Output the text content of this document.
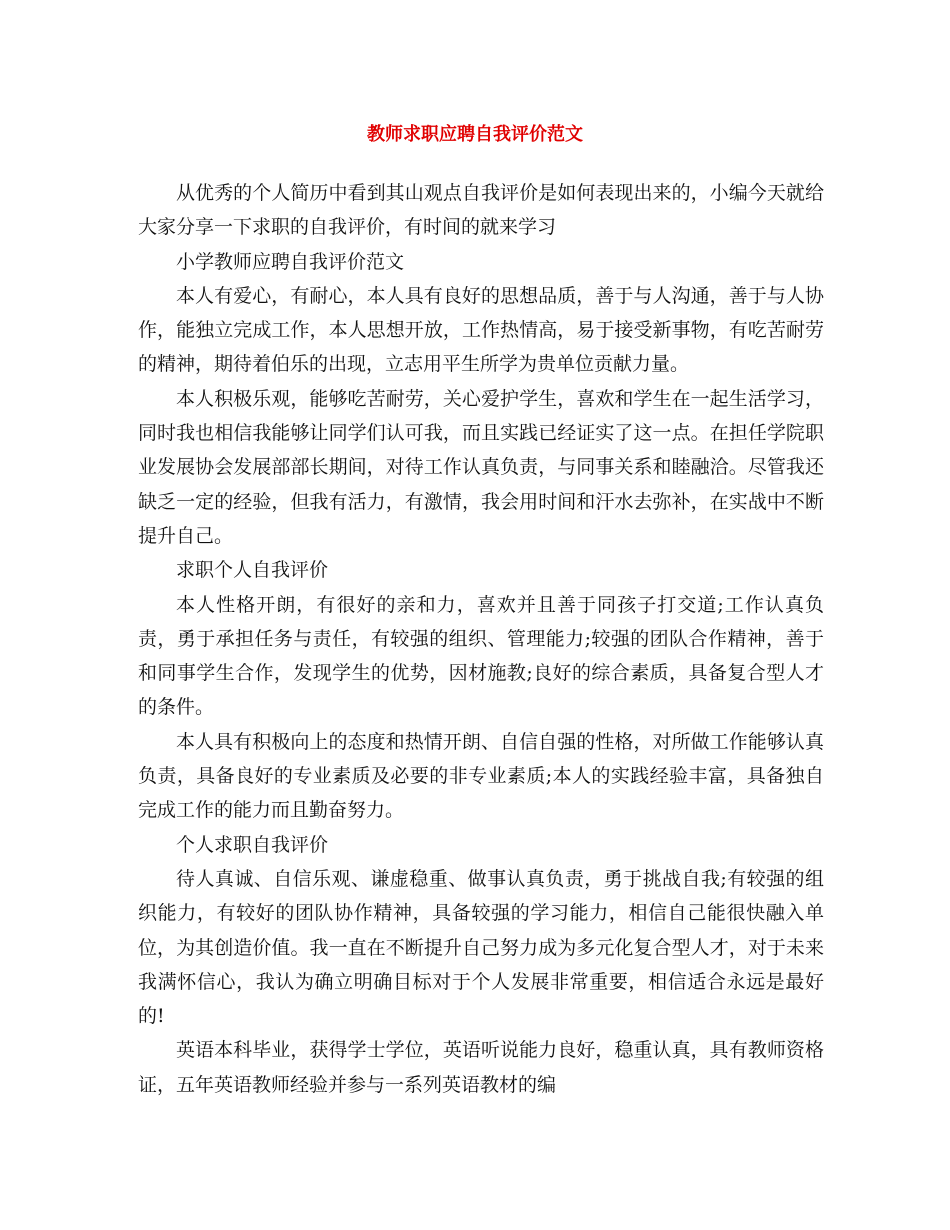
教师求职应聘自我评价范文

从优秀的个人简历中看到其山观点自我评价是如何表现出来的，小编今天就给大家分享一下求职的自我评价，有时间的就来学习

小学教师应聘自我评价范文

本人有爱心，有耐心，本人具有良好的思想品质，善于与人沟通，善于与人协作，能独立完成工作，本人思想开放，工作热情高，易于接受新事物，有吃苦耐劳的精神，期待着伯乐的出现，立志用平生所学为贵单位贡献力量。

本人积极乐观，能够吃苦耐劳，关心爱护学生，喜欢和学生在一起生活学习，同时我也相信我能够让同学们认可我，而且实践已经证实了这一点。在担任学院职业发展协会发展部部长期间，对待工作认真负责，与同事关系和睦融洽。尽管我还缺乏一定的经验，但我有活力，有激情，我会用时间和汗水去弥补，在实战中不断提升自己。

求职个人自我评价

本人性格开朗，有很好的亲和力，喜欢并且善于同孩子打交道;工作认真负责，勇于承担任务与责任，有较强的组织、管理能力;较强的团队合作精神，善于和同事学生合作，发现学生的优势，因材施教;良好的综合素质，具备复合型人才的条件。

本人具有积极向上的态度和热情开朗、自信自强的性格，对所做工作能够认真负责，具备良好的专业素质及必要的非专业素质;本人的实践经验丰富，具备独自完成工作的能力而且勤奋努力。

个人求职自我评价

待人真诚、自信乐观、谦虚稳重、做事认真负责，勇于挑战自我;有较强的组织能力，有较好的团队协作精神，具备较强的学习能力，相信自己能很快融入单位，为其创造价值。我一直在不断提升自己努力成为多元化复合型人才，对于未来我满怀信心，我认为确立明确目标对于个人发展非常重要，相信适合永远是最好的!

英语本科毕业，获得学士学位，英语听说能力良好，稳重认真，具有教师资格证，五年英语教师经验并参与一系列英语教材的编
